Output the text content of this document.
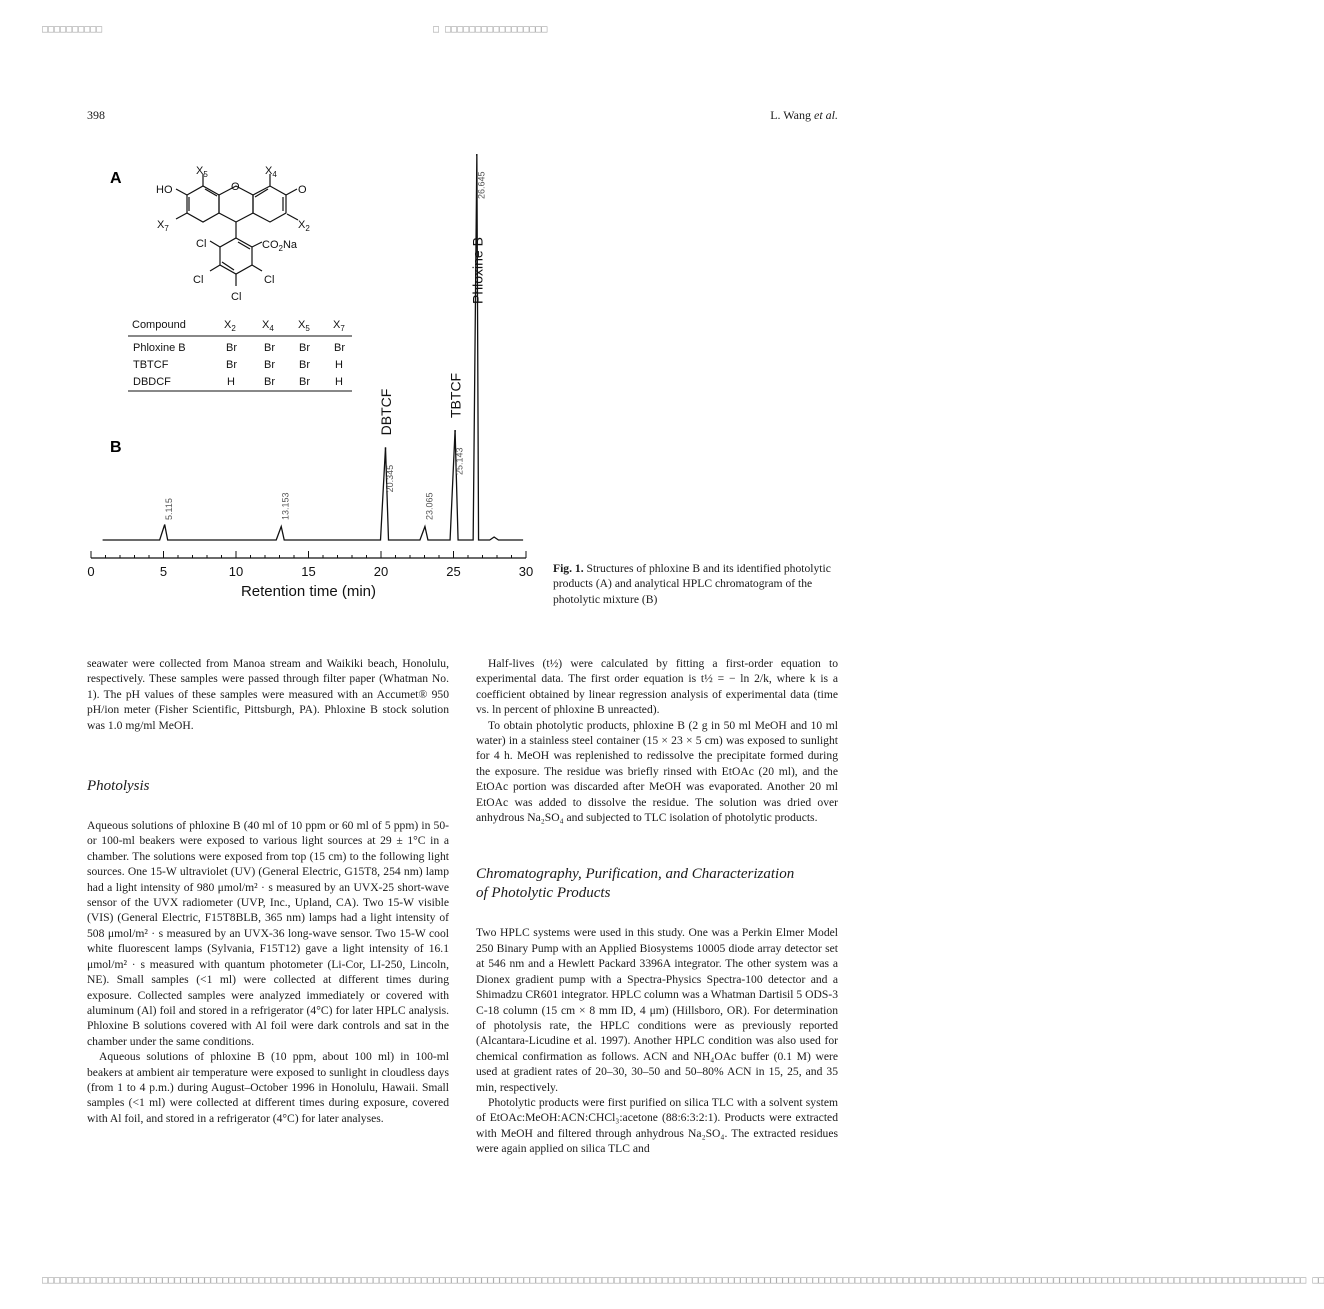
□□□□□□□□□□	□ □□□□□□□□□□□□□□□□□
398	L. Wang et al.
A
B
$X_5$	$X_4$
HO	O	O
$X_7$	$X_2$
Cl	$CO_2Na$
Cl	Cl
Cl
Compound	$X_2$ $X_4$ $X_5$ $X_7$
Phloxine B	Br Br Br Br
TBTCF	Br Br Br H
DBDCF	H	Br Br H
0	5	10	15	20	25	30
Retention time (min)
5.115	13.153
20.345
DBTCF
23.065
25.143
TBTCF
26.645
Phloxine B
Fig. 1. Structures of phloxine B and its identified photolytic products (A) and analytical HPLC chromatogram of the photolytic mixture (B)

seawater were collected from Manoa stream and Waikiki beach, Honolulu, respectively. These samples were passed through filter paper (Whatman No. 1). The pH values of these samples were measured with an Accumet® 950 pH/ion meter (Fisher Scientific, Pittsburgh, PA). Phloxine B stock solution was 1.0 mg/ml MeOH.

Photolysis

Aqueous solutions of phloxine B (40 ml of 10 ppm or 60 ml of 5 ppm) in 50- or 100-ml beakers were exposed to various light sources at 29 ± 1°C in a chamber. The solutions were exposed from top (15 cm) to the following light sources. One 15-W ultraviolet (UV) (General Electric, G15T8, 254 nm) lamp had a light intensity of 980 μmol/m² · s measured by an UVX-25 short-wave sensor of the UVX radiometer (UVP, Inc., Upland, CA). Two 15-W visible (VIS) (General Electric, F15T8BLB, 365 nm) lamps had a light intensity of 508 μmol/m² · s measured by an UVX-36 long-wave sensor. Two 15-W cool white fluorescent lamps (Sylvania, F15T12) gave a light intensity of 16.1 μmol/m² · s measured with quantum photometer (Li-Cor, LI-250, Lincoln, NE). Small samples (<1 ml) were collected at different times during exposure. Collected samples were analyzed immediately or covered with aluminum (Al) foil and stored in a refrigerator (4°C) for later HPLC analysis. Phloxine B solutions covered with Al foil were dark controls and sat in the chamber under the same conditions.

Aqueous solutions of phloxine B (10 ppm, about 100 ml) in 100-ml beakers at ambient air temperature were exposed to sunlight in cloudless days (from 1 to 4 p.m.) during August–October 1996 in Honolulu, Hawaii. Small samples (<1 ml) were collected at different times during exposure, covered with Al foil, and stored in a refrigerator (4°C) for later analyses.

Half-lives (t½) were calculated by fitting a first-order equation to experimental data. The first order equation is t½ = − ln 2/k, where k is a coefficient obtained by linear regression analysis of experimental data (time vs. ln percent of phloxine B unreacted).

To obtain photolytic products, phloxine B (2 g in 50 ml MeOH and 10 ml water) in a stainless steel container (15 × 23 × 5 cm) was exposed to sunlight for 4 h. MeOH was replenished to redissolve the precipitate formed during the exposure. The residue was briefly rinsed with EtOAc (20 ml), and the EtOAc portion was discarded after MeOH was evaporated. Another 20 ml EtOAc was added to dissolve the residue. The solution was dried over anhydrous Na₂SO₄ and subjected to TLC isolation of photolytic products.

Chromatography, Purification, and Characterization
of Photolytic Products

Two HPLC systems were used in this study. One was a Perkin Elmer Model 250 Binary Pump with an Applied Biosystems 10005 diode array detector set at 546 nm and a Hewlett Packard 3396A integrator. The other system was a Dionex gradient pump with a Spectra-Physics Spectra-100 detector and a Shimadzu CR601 integrator. HPLC column was a Whatman Dartisil 5 ODS-3 C-18 column (15 cm × 8 mm ID, 4 μm) (Hillsboro, OR). For determination of photolysis rate, the HPLC conditions were as previously reported (Alcantara-Licudine et al. 1997). Another HPLC condition was also used for chemical confirmation as follows. ACN and NH₄OAc buffer (0.1 M) were used at gradient rates of 20–30, 30–50 and 50–80% ACN in 15, 25, and 35 min, respectively.

Photolytic products were first purified on silica TLC with a solvent system of EtOAc:MeOH:ACN:CHCl₃:acetone (88:6:3:2:1). Products were extracted with MeOH and filtered through anhydrous Na₂SO₄. The extracted residues were again applied on silica TLC and

□□□□□□□□□□□□□□□□□□□□□□□□□□□□□□□□□□□□□□□□□□□□□□□□□□□□□□□□□□□□□□□□□□□□□□□□□□□□□□□□□□□□□□□□□□□□□□□□□□□□□□□□□□□□□□□□□□□□□□□□□□□□□□□□□□□□□□□□□□□□□□□□□□□□□□□□□□□□□□□□□□□□□□□□□□□□□□□□□□□□□□□□□□□□□□□□□□□□□□□□□□□□□□□□□□ □□
